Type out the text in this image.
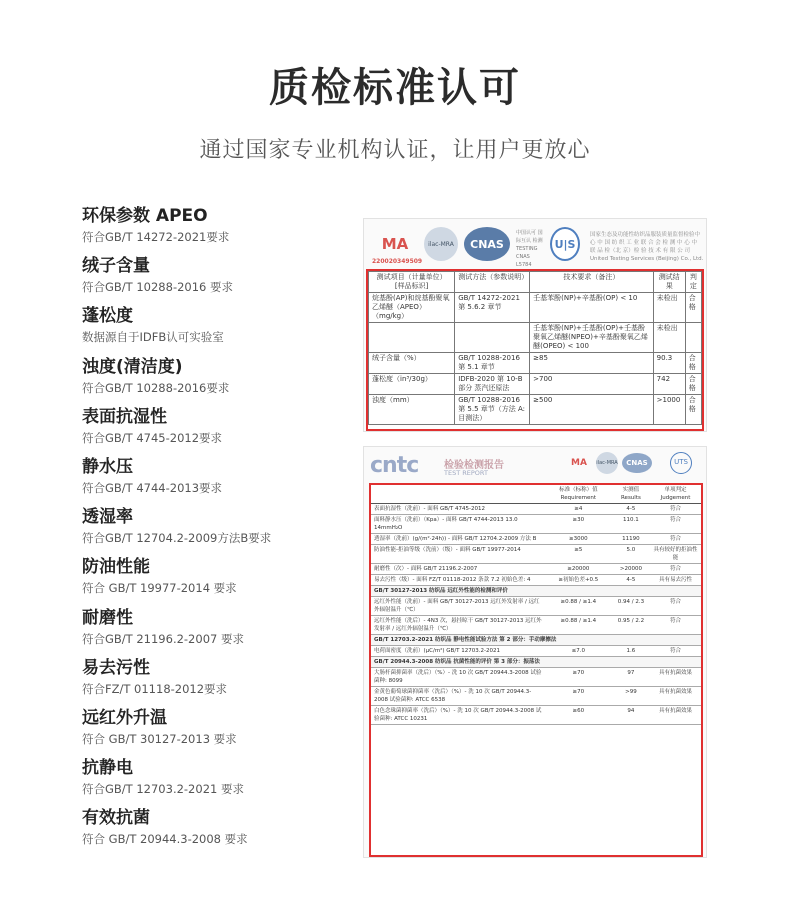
质检标准认可
通过国家专业机构认证，让用户更放心
环保参数 APEO
符合GB/T 14272-2021要求
绒子含量
符合GB/T 10288-2016 要求
蓬松度
数据源自于IDFB认可实验室
浊度(清洁度)
符合GB/T 10288-2016要求
表面抗湿性
符合GB/T 4745-2012要求
静水压
符合GB/T 4744-2013要求
透湿率
符合GB/T 12704.2-2009方法B要求
防油性能
符合 GB/T 19977-2014 要求
耐磨性
符合GB/T 21196.2-2007 要求
易去污性
符合FZ/T 01118-2012要求
远红外升温
符合 GB/T 30127-2013 要求
抗静电
符合GB/T 12703.2-2021 要求
有效抗菌
符合 GB/T 20944.3-2008 要求
MA
220020349509
ilac-MRA	CNAS
中国认可 国际互认 检测 TESTING CNAS L5784
U|S
国家生态及功能性纺织品服装质量监督检验中心 中 国 纺 织 工 业 联 合 会 检 测 中 心 中 联 品 检（北 京）检 验 技 术 有 限 公 司 United Testing Services (Beijing) Co., Ltd.
测试项目（计量单位）[样品标识]	测试方法（参数说明）	技术要求（备注）	测试结果	判定
烷基酚(AP)和烷基酚聚氧乙烯醚（APEO）（mg/kg）	GB/T 14272-2021 第 5.6.2 章节	壬基苯酚(NP)+辛基酚(OP) < 10	未检出	合格
		壬基苯酚(NP)+壬基酚(OP)+壬基酚聚氧乙烯醚(NPEO)+辛基酚聚氧乙烯醚(OPEO) < 100	未检出	
绒子含量（%）	GB/T 10288-2016 第 5.1 章节	≥85	90.3	合格
蓬松度（in³/30g）	IDFB-2020 第 10-B 部分 蒸汽还原法	>700	742	合格
浊度（mm）	GB/T 10288-2016 第 5.5 章节（方法 A:目测法）	≥500	>1000	合格
cntc	检验检测报告
TEST REPORT
MA	ilac-MRA	CNAS	UTS
	标准（标称）值 Requirement	实测值 Results	单项判定 Judgement
表面抗湿性（洗前）- 面料 GB/T 4745-2012	≥4	4-5	符合
面料静水压（洗前）（Kpa）- 面料 GB/T 4744-2013 13.0 14mmH₂O	≥30	110.1	符合
透湿率（洗前）(g/(m²·24h)) - 面料 GB/T 12704.2-2009 方法 B	≥3000	11190	符合
防油性能-拒油等级（洗前）（级）- 面料 GB/T 19977-2014	≥5	5.0	具有较好的拒油性能
耐磨性（次）- 面料 GB/T 21196.2-2007	≥20000	>20000	符合
易去污性（级）- 面料 FZ/T 01118-2012 条款 7.2 初始色差: 4	≥初始色差+0.5	4-5	具有易去污性
GB/T 30127-2013 纺织品 远红外性能的检测和评价			
远红外性能（洗前）- 面料 GB/T 30127-2013 远红外发射率 / 远红外辐射温升（℃）	≥0.88 / ≥1.4	0.94 / 2.3	符合
远红外性能（洗后）- 4N3 次，悬挂晾干 GB/T 30127-2013 远红外发射率 / 远红外辐射温升（℃）	≥0.88 / ≥1.4	0.95 / 2.2	符合
GB/T 12703.2-2021 纺织品 静电性能试验方法 第 2 部分：手动摩擦法			
电荷面密度（洗前）(μC/m²) GB/T 12703.2-2021	≤7.0	1.6	符合
GB/T 20944.3-2008 纺织品 抗菌性能的评价 第 3 部分：振荡法			
大肠杆菌抑菌率（洗后）（%）- 洗 10 次 GB/T 20944.3-2008 试验菌种: 8099	≥70	97	具有抗菌效果
金黄色葡萄球菌抑菌率（洗后）（%）- 洗 10 次 GB/T 20944.3-2008 试验菌种: ATCC 6538	≥70	>99	具有抗菌效果
白色念珠菌抑菌率（洗后）（%）- 洗 10 次 GB/T 20944.3-2008 试验菌种: ATCC 10231	≥60	94	具有抗菌效果
